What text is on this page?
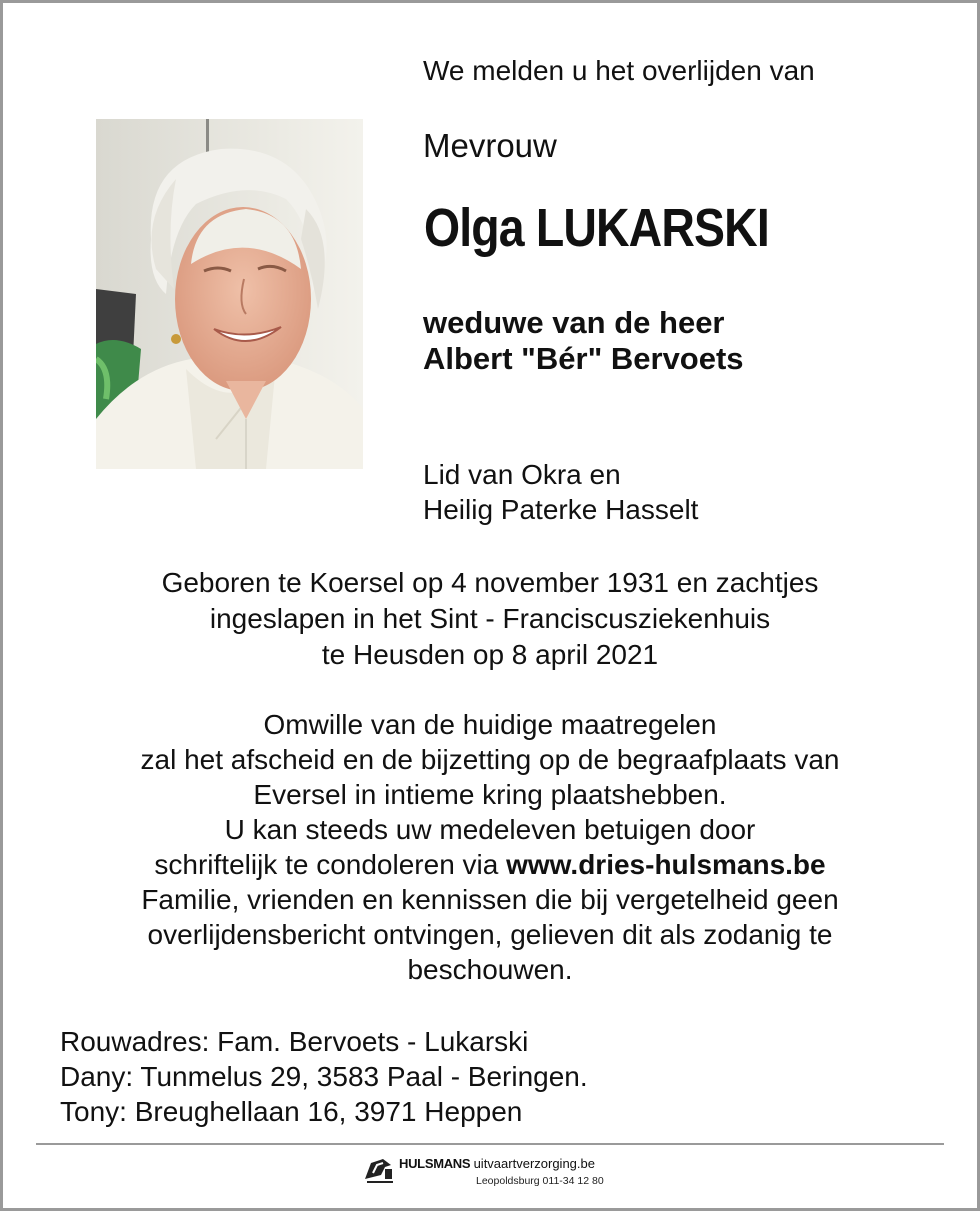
We melden u het overlijden van
Mevrouw
Olga LUKARSKI
weduwe van de heer
Albert "Bér" Bervoets
Lid van Okra en
Heilig Paterke Hasselt
Geboren te Koersel op 4 november 1931 en zachtjes
ingeslapen in het Sint - Franciscusziekenhuis
te Heusden op 8 april 2021
Omwille van de huidige maatregelen
zal het afscheid en de bijzetting op de begraafplaats van
Eversel in intieme kring plaatshebben.
U kan steeds uw medeleven betuigen door
schriftelijk te condoleren via www.dries-hulsmans.be
Familie, vrienden en kennissen die bij vergetelheid geen
overlijdensbericht ontvingen, gelieven dit als zodanig te
beschouwen.
Rouwadres: Fam. Bervoets - Lukarski
Dany: Tunmelus 29, 3583 Paal - Beringen.
Tony: Breughellaan 16, 3971 Heppen
HULSMANS uitvaartverzorging.be
Leopoldsburg 011-34 12 80
